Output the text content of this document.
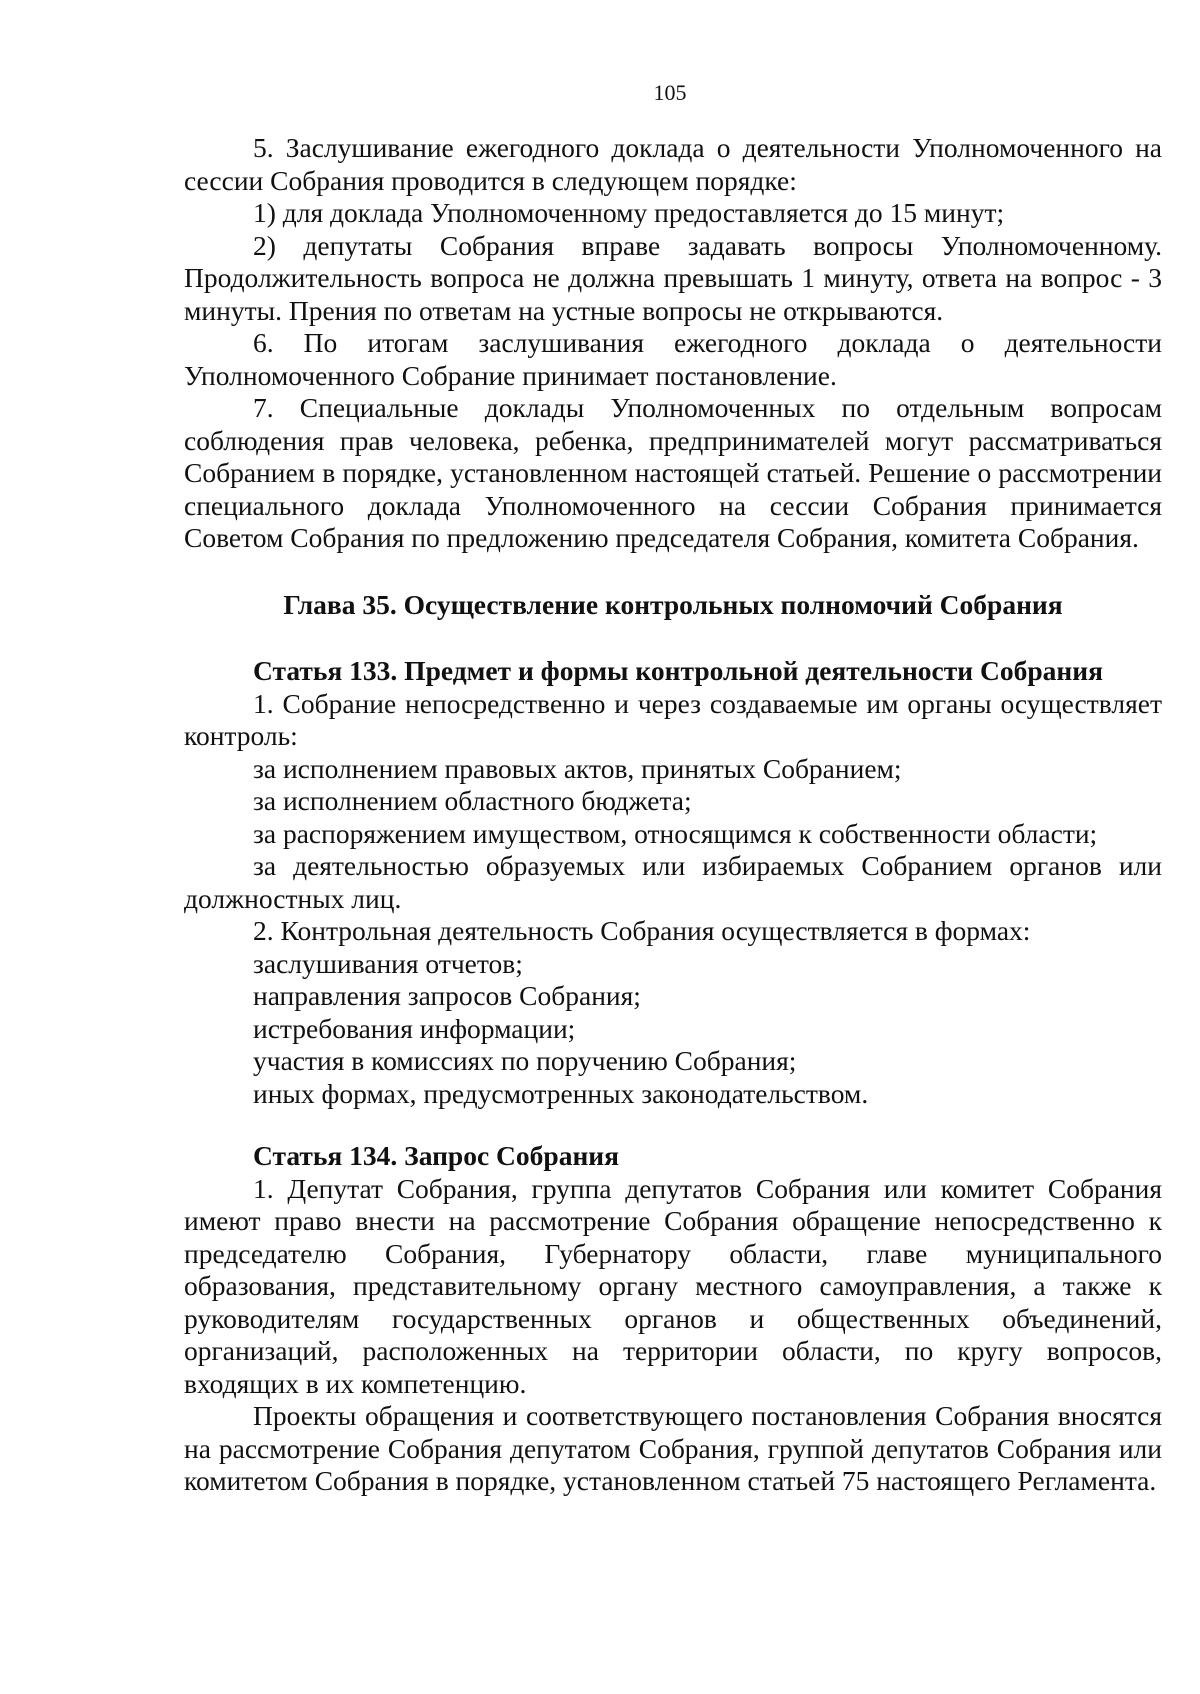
105

5. Заслушивание ежегодного доклада о деятельности Уполномоченного на сессии Собрания проводится в следующем порядке:

1) для доклада Уполномоченному предоставляется до 15 минут;

2) депутаты Собрания вправе задавать вопросы Уполномоченному. Продолжительность вопроса не должна превышать 1 минуту, ответа на вопрос - 3 минуты. Прения по ответам на устные вопросы не открываются.

6. По итогам заслушивания ежегодного доклада о деятельности Уполномоченного Собрание принимает постановление.

7. Специальные доклады Уполномоченных по отдельным вопросам соблюдения прав человека, ребенка, предпринимателей могут рассматриваться Собранием в порядке, установленном настоящей статьей. Решение о рассмотрении специального доклада Уполномоченного на сессии Собрания принимается Советом Собрания по предложению председателя Собрания, комитета Собрания.

Глава 35. Осуществление контрольных полномочий Собрания
Статья 133. Предмет и формы контрольной деятельности Собрания

1. Собрание непосредственно и через создаваемые им органы осуществляет контроль:

за исполнением правовых актов, принятых Собранием;

за исполнением областного бюджета;

за распоряжением имуществом, относящимся к собственности области;

за деятельностью образуемых или избираемых Собранием органов или должностных лиц.

2. Контрольная деятельность Собрания осуществляется в формах:

заслушивания отчетов;

направления запросов Собрания;

истребования информации;

участия в комиссиях по поручению Собрания;

иных формах, предусмотренных законодательством.

Статья 134. Запрос Собрания

1. Депутат Собрания, группа депутатов Собрания или комитет Собрания имеют право внести на рассмотрение Собрания обращение непосредственно к председателю Собрания, Губернатору области, главе муниципального образования, представительному органу местного самоуправления, а также к руководителям государственных органов и общественных объединений, организаций, расположенных на территории области, по кругу вопросов, входящих в их компетенцию.

Проекты обращения и соответствующего постановления Собрания вносятся на рассмотрение Собрания депутатом Собрания, группой депутатов Собрания или комитетом Собрания в порядке, установленном статьей 75 настоящего Регламента.
